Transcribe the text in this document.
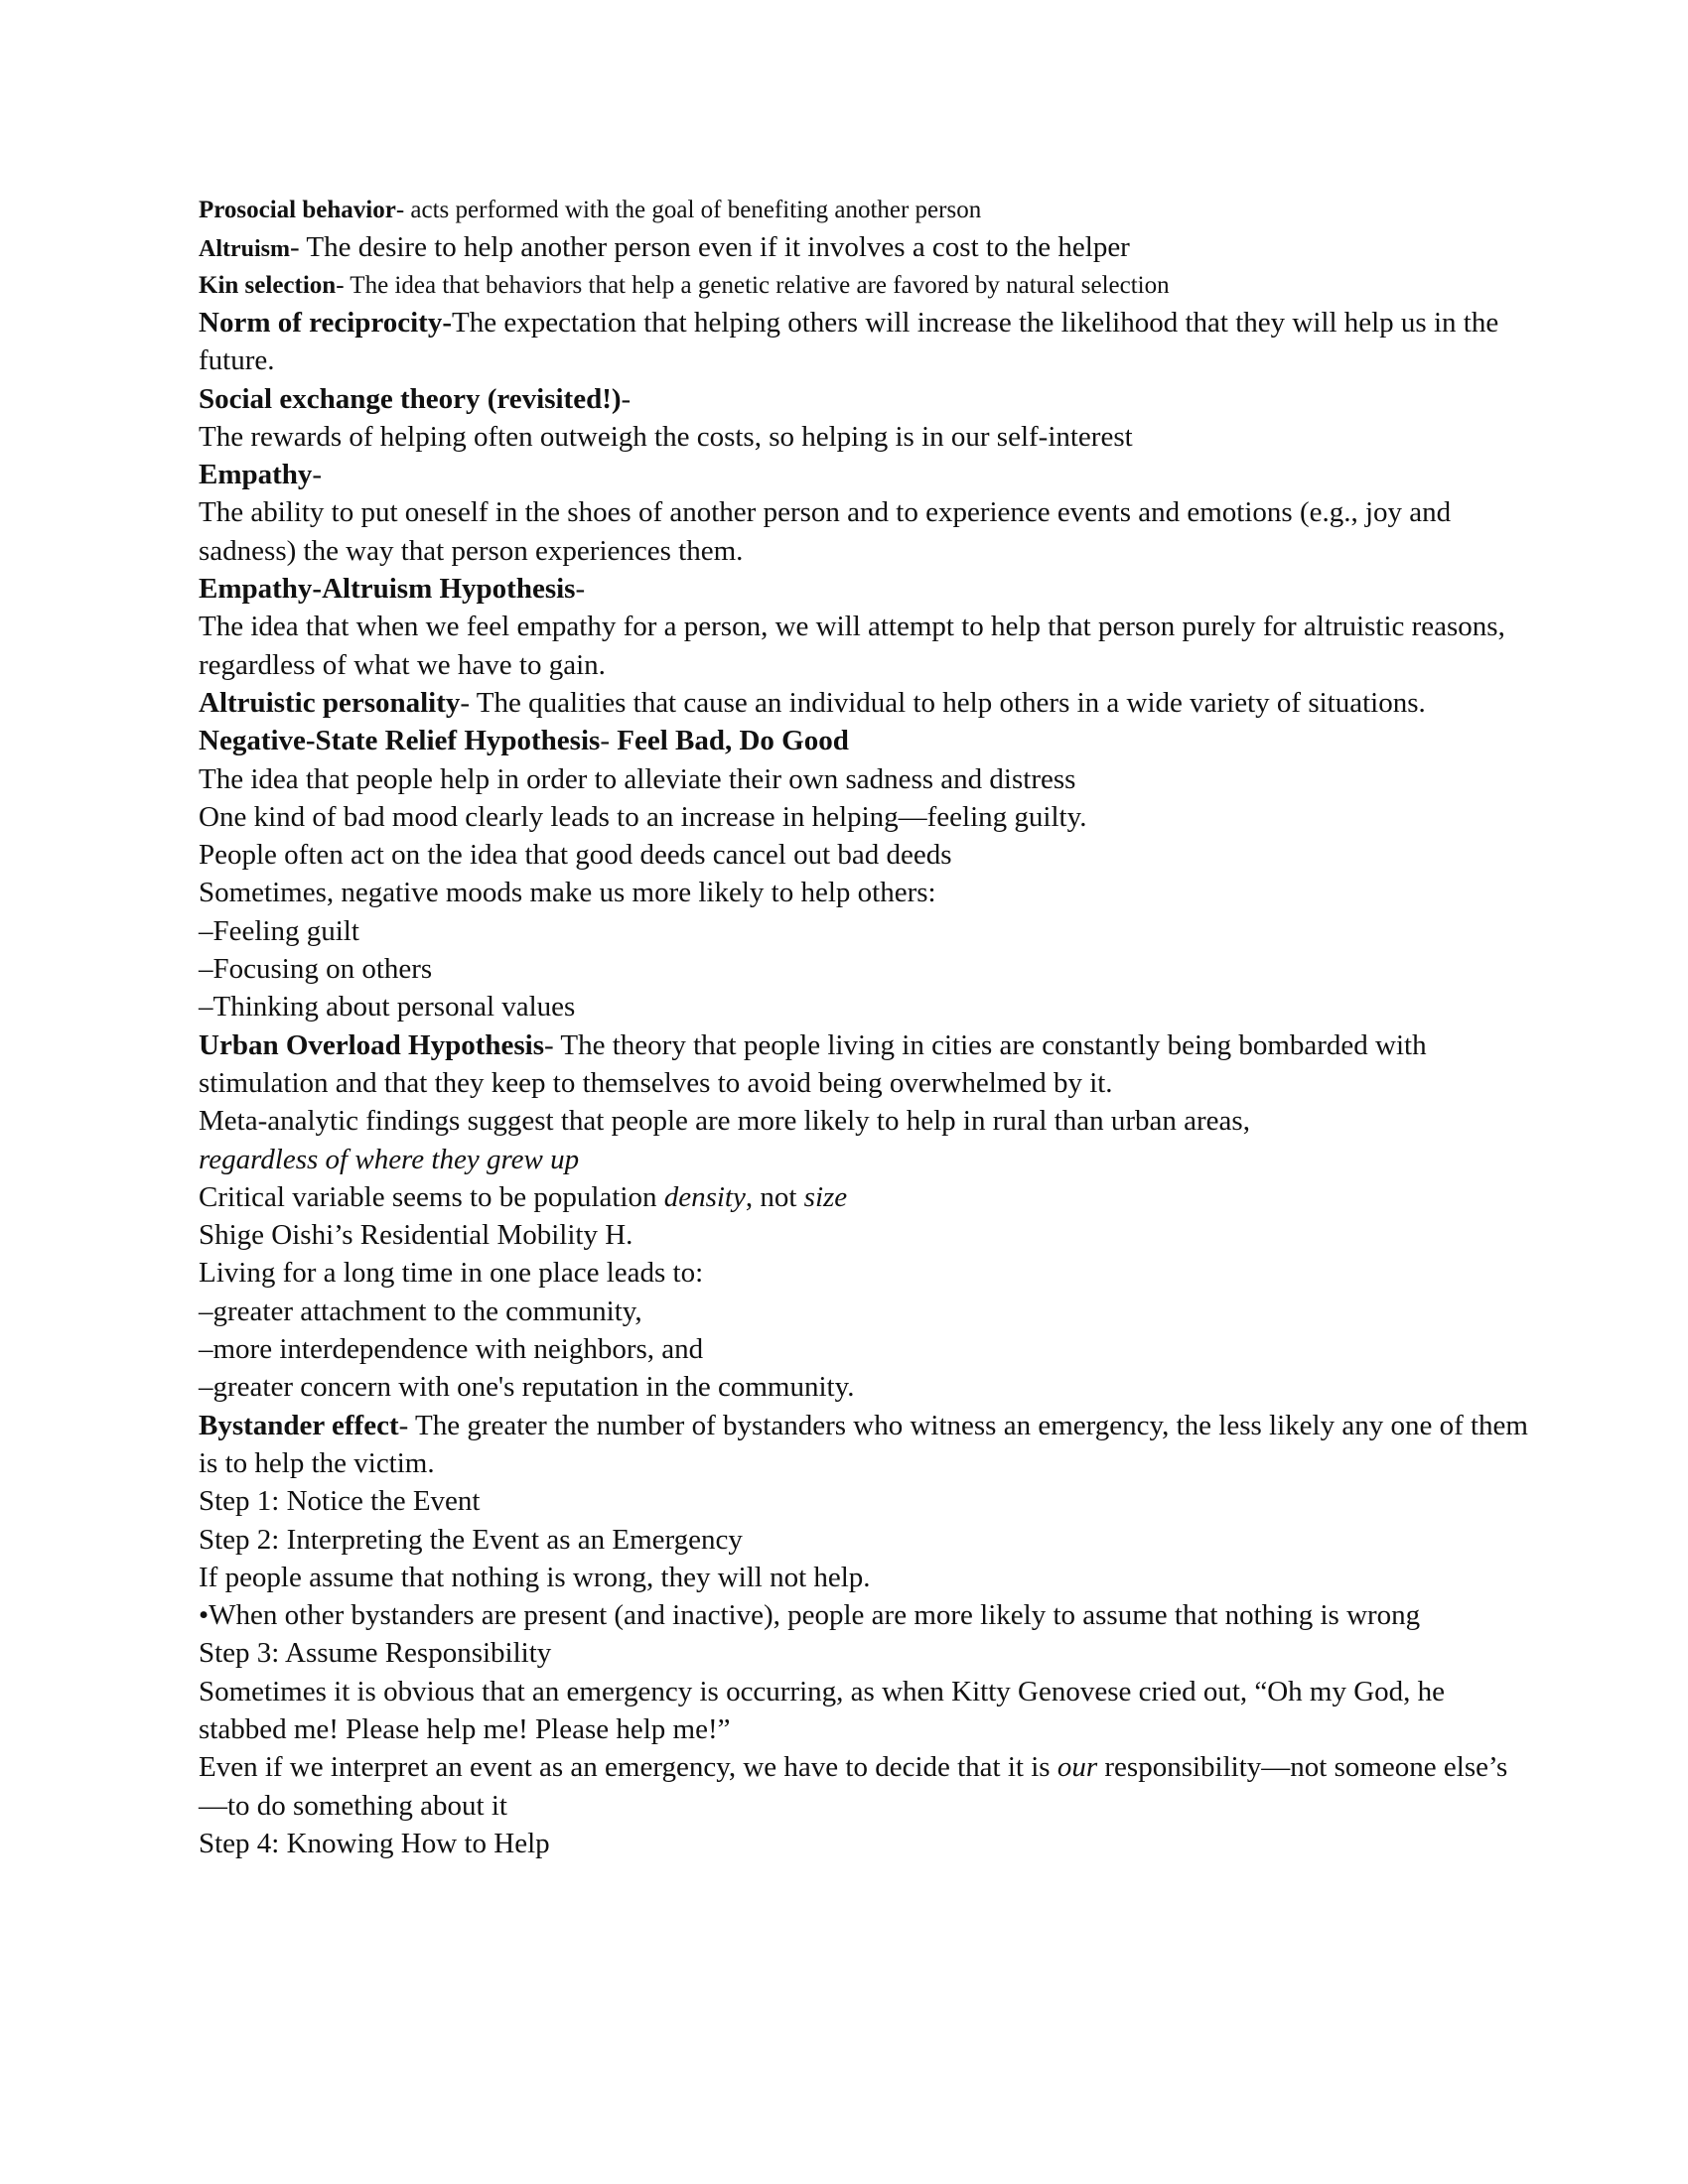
Prosocial behavior- acts performed with the goal of benefiting another person

Altruism- The desire to help another person even if it involves a cost to the helper

Kin selection- The idea that behaviors that help a genetic relative are favored by natural selection

Norm of reciprocity-The expectation that helping others will increase the likelihood that they will help us in the future.

Social exchange theory (revisited!)-

The rewards of helping often outweigh the costs, so helping is in our self-interest

Empathy-

The ability to put oneself in the shoes of another person and to experience events and emotions (e.g., joy and sadness) the way that person experiences them.

Empathy-Altruism Hypothesis-

The idea that when we feel empathy for a person, we will attempt to help that person purely for altruistic reasons, regardless of what we have to gain.

Altruistic personality- The qualities that cause an individual to help others in a wide variety of situations.

Negative-State Relief Hypothesis- Feel Bad, Do Good

The idea that people help in order to alleviate their own sadness and distress

One kind of bad mood clearly leads to an increase in helping—feeling guilty.

People often act on the idea that good deeds cancel out bad deeds

Sometimes, negative moods make us more likely to help others:

–Feeling guilt

–Focusing on others

–Thinking about personal values

Urban Overload Hypothesis- The theory that people living in cities are constantly being bombarded with stimulation and that they keep to themselves to avoid being overwhelmed by it.

Meta-analytic findings suggest that people are more likely to help in rural than urban areas,

regardless of where they grew up

Critical variable seems to be population density, not size

Shige Oishi’s Residential Mobility H.

Living for a long time in one place leads to:

–greater attachment to the community,

–more interdependence with neighbors, and

–greater concern with one's reputation in the community.

Bystander effect- The greater the number of bystanders who witness an emergency, the less likely any one of them is to help the victim.

Step 1: Notice the Event

Step 2: Interpreting the Event as an Emergency

If people assume that nothing is wrong, they will not help.

•When other bystanders are present (and inactive), people are more likely to assume that nothing is wrong

Step 3: Assume Responsibility

Sometimes it is obvious that an emergency is occurring, as when Kitty Genovese cried out, “Oh my God, he stabbed me! Please help me! Please help me!”

Even if we interpret an event as an emergency, we have to decide that it is our responsibility—not someone else’s—to do something about it

Step 4: Knowing How to Help
